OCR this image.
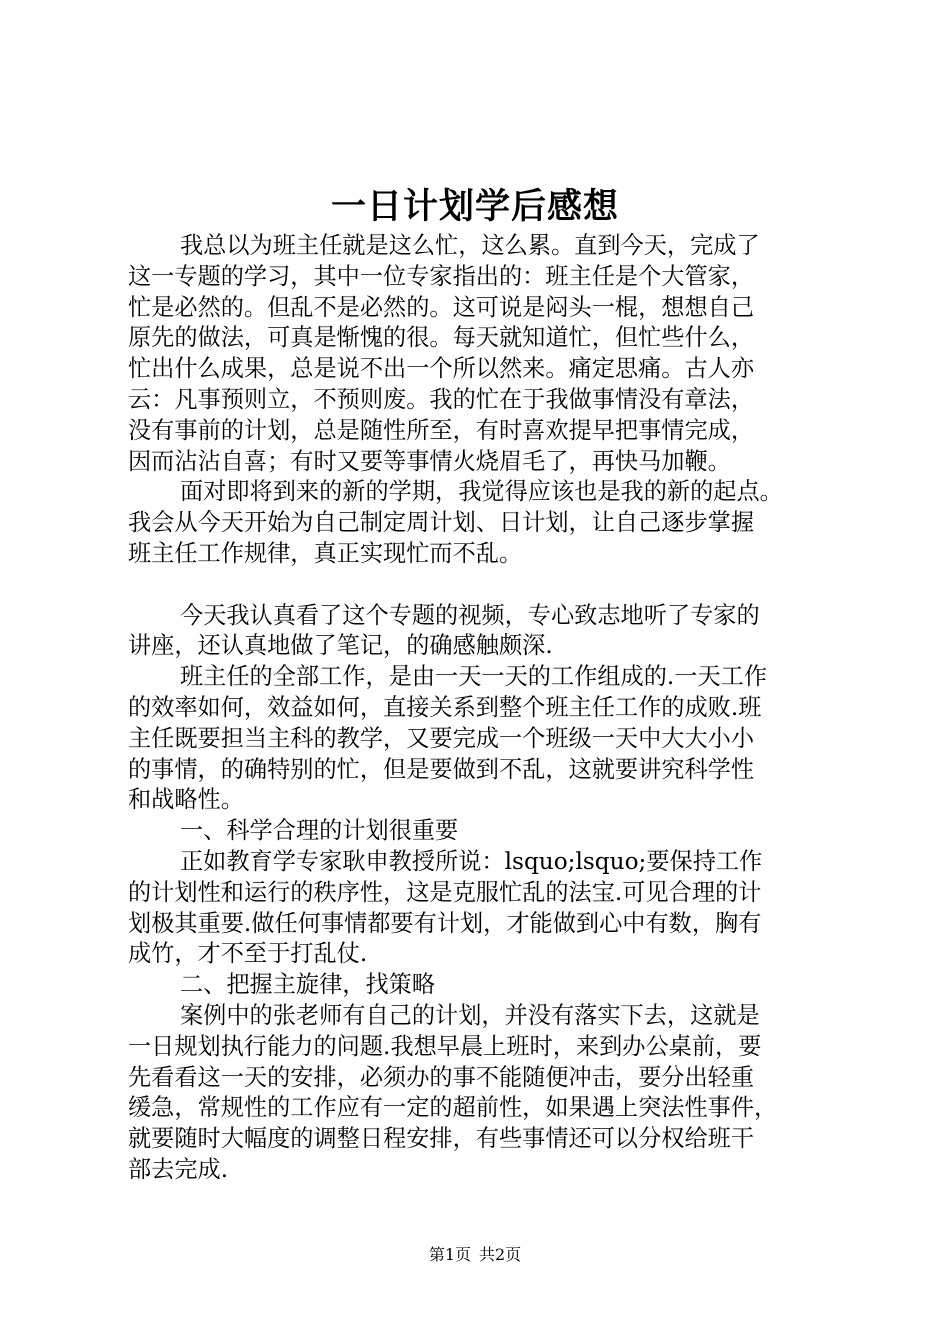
一日计划学后感想
我总以为班主任就是这么忙，这么累。直到今天，完成了
这一专题的学习，其中一位专家指出的：班主任是个大管家，
忙是必然的。但乱不是必然的。这可说是闷头一棍，想想自己
原先的做法，可真是惭愧的很。每天就知道忙，但忙些什么，
忙出什么成果，总是说不出一个所以然来。痛定思痛。古人亦
云：凡事预则立，不预则废。我的忙在于我做事情没有章法，
没有事前的计划，总是随性所至，有时喜欢提早把事情完成，
因而沾沾自喜；有时又要等事情火烧眉毛了，再快马加鞭。
面对即将到来的新的学期，我觉得应该也是我的新的起点。
我会从今天开始为自己制定周计划、日计划，让自己逐步掌握
班主任工作规律，真正实现忙而不乱。
今天我认真看了这个专题的视频，专心致志地听了专家的
讲座，还认真地做了笔记，的确感触颇深.
班主任的全部工作，是由一天一天的工作组成的.一天工作
的效率如何，效益如何，直接关系到整个班主任工作的成败.班
主任既要担当主科的教学，又要完成一个班级一天中大大小小
的事情，的确特别的忙，但是要做到不乱，这就要讲究科学性
和战略性。
一、科学合理的计划很重要
正如教育学专家耿申教授所说：lsquo;lsquo;要保持工作
的计划性和运行的秩序性，这是克服忙乱的法宝.可见合理的计
划极其重要.做任何事情都要有计划，才能做到心中有数，胸有
成竹，才不至于打乱仗.
二、把握主旋律，找策略
案例中的张老师有自己的计划，并没有落实下去，这就是
一日规划执行能力的问题.我想早晨上班时，来到办公桌前，要
先看看这一天的安排，必须办的事不能随便冲击，要分出轻重
缓急，常规性的工作应有一定的超前性，如果遇上突法性事件，
就要随时大幅度的调整日程安排，有些事情还可以分权给班干
部去完成.
第1页 共2页
